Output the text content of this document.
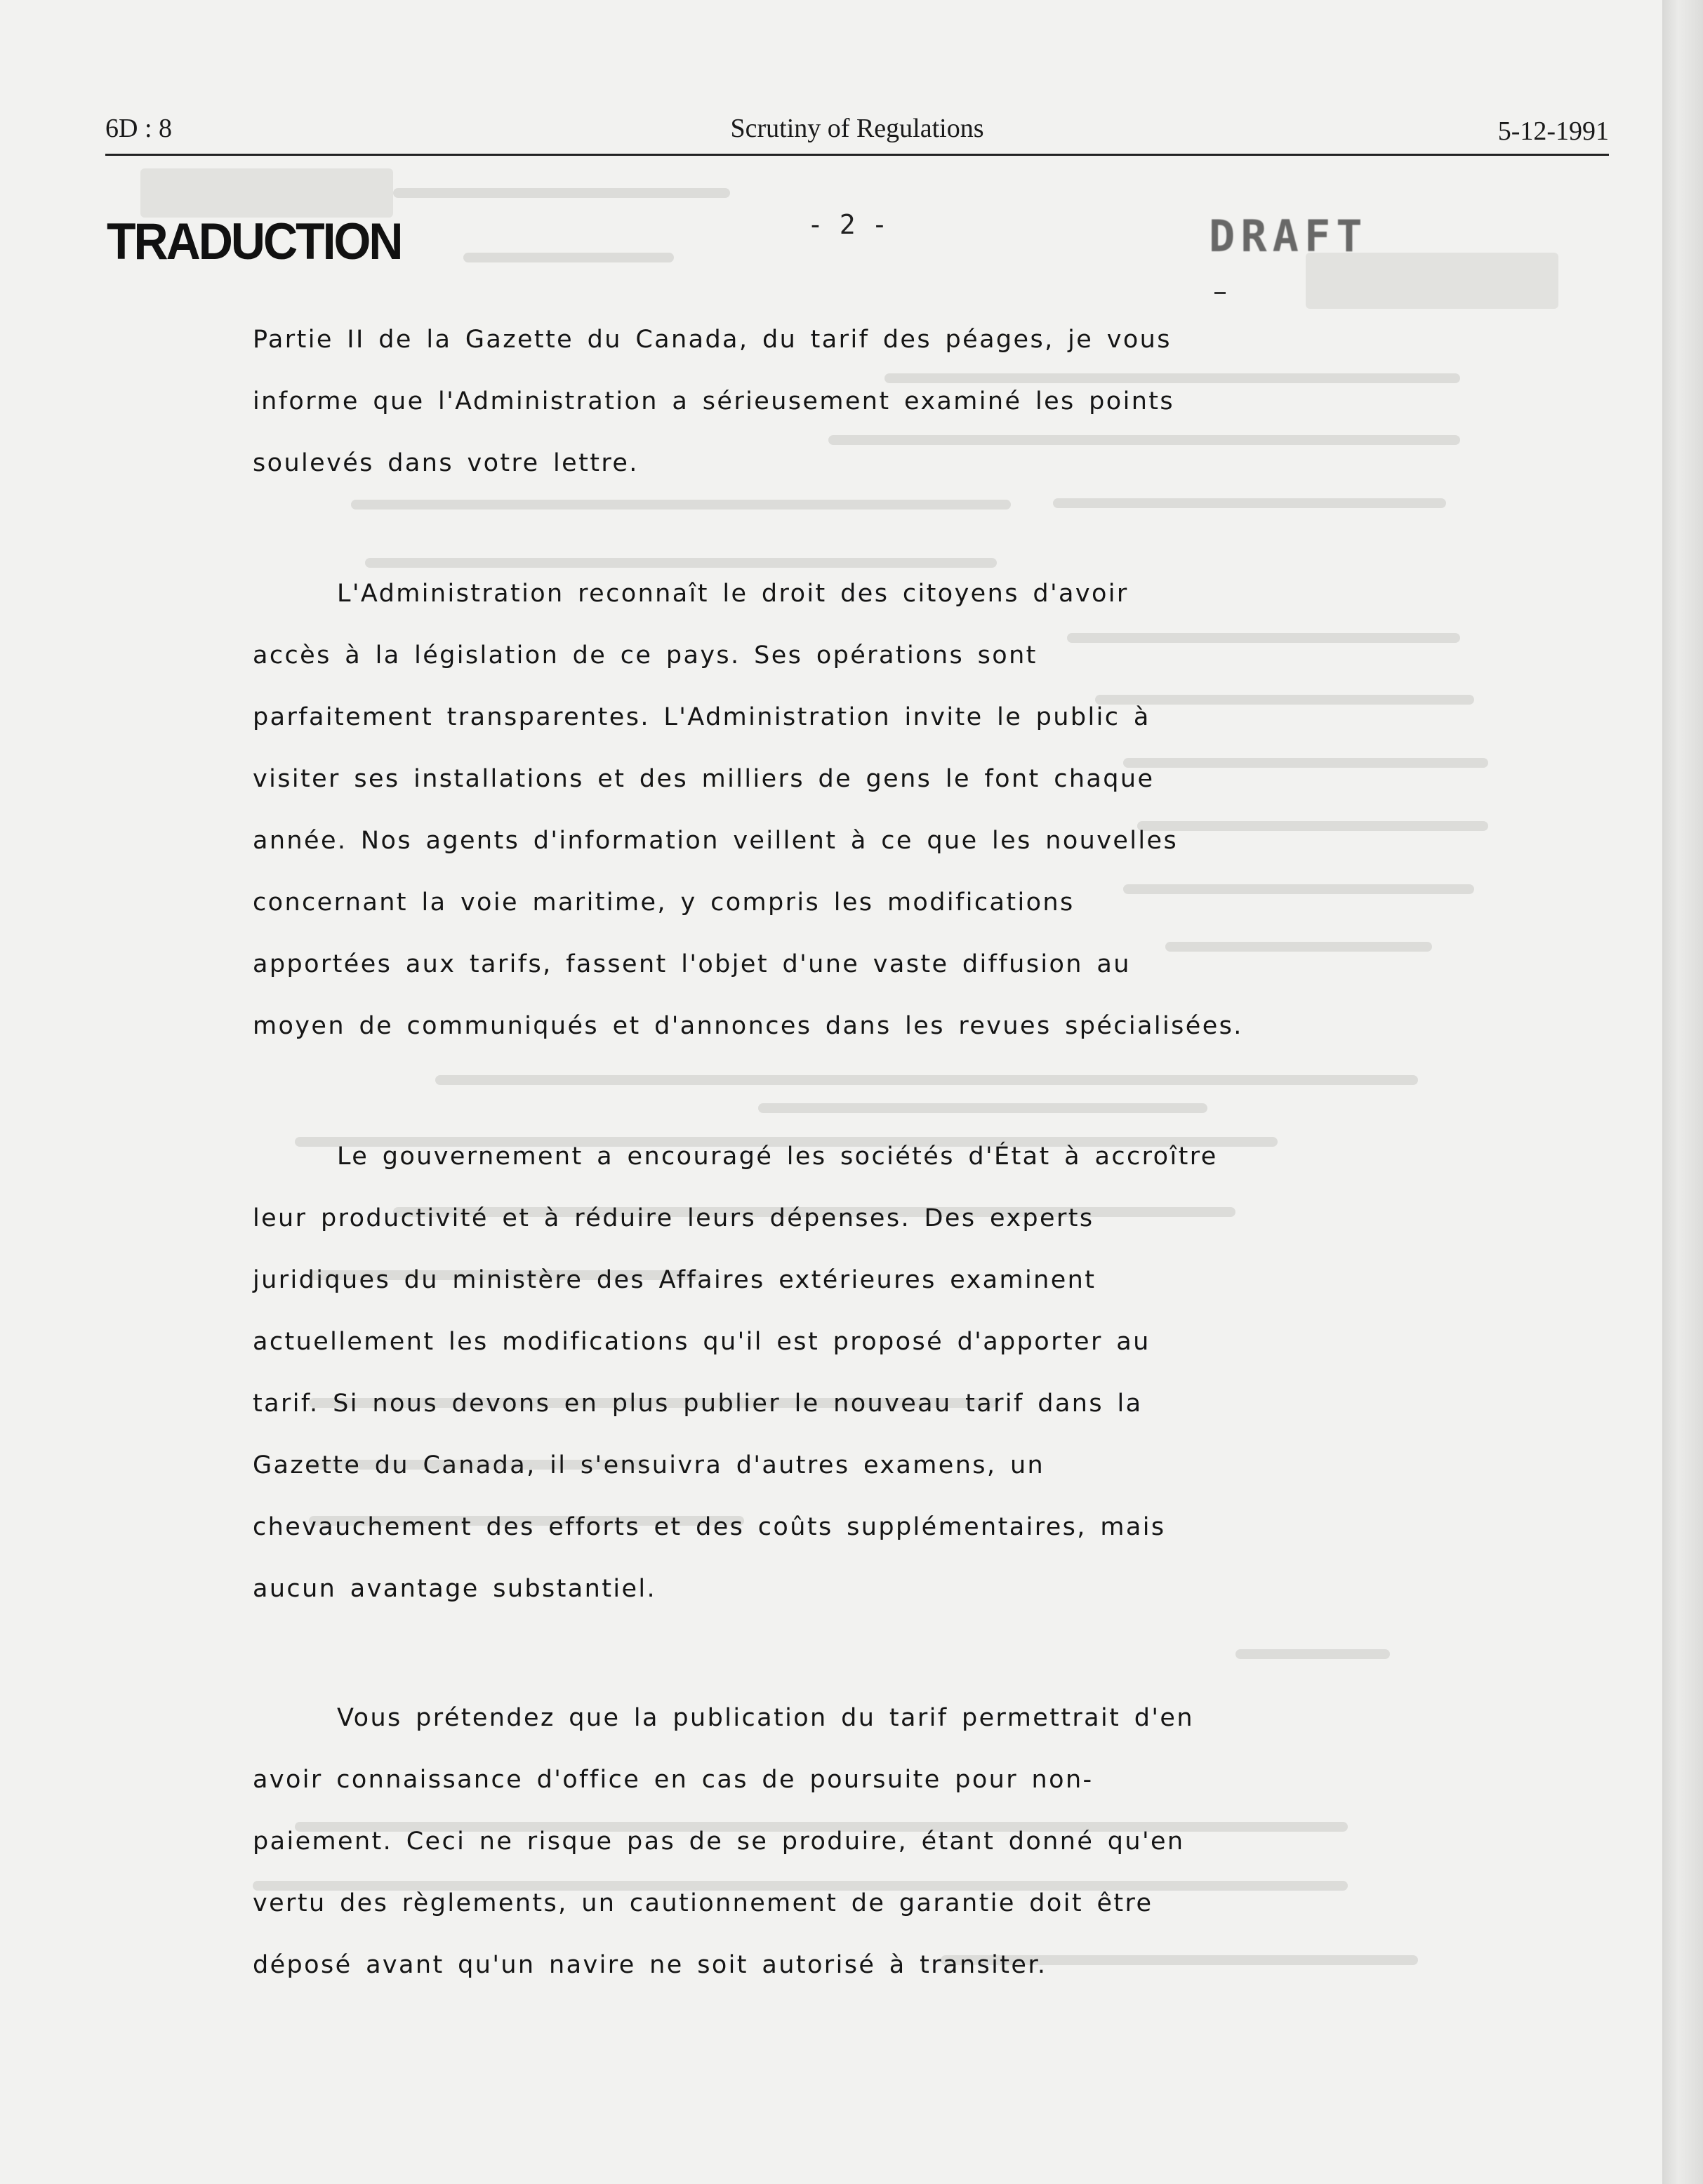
6D : 8	Scrutiny of Regulations	5-12-1991
TRADUCTION	- 2 -	DRAFT
Partie II de la Gazette du Canada, du tarif des péages, je vous
informe que l'Administration a sérieusement examiné les points
soulevés dans votre lettre.
L'Administration reconnaît le droit des citoyens d'avoir
accès à la législation de ce pays. Ses opérations sont
parfaitement transparentes. L'Administration invite le public à
visiter ses installations et des milliers de gens le font chaque
année. Nos agents d'information veillent à ce que les nouvelles
concernant la voie maritime, y compris les modifications
apportées aux tarifs, fassent l'objet d'une vaste diffusion au
moyen de communiqués et d'annonces dans les revues spécialisées.
Le gouvernement a encouragé les sociétés d'État à accroître
leur productivité et à réduire leurs dépenses. Des experts
juridiques du ministère des Affaires extérieures examinent
actuellement les modifications qu'il est proposé d'apporter au
tarif. Si nous devons en plus publier le nouveau tarif dans la
Gazette du Canada, il s'ensuivra d'autres examens, un
chevauchement des efforts et des coûts supplémentaires, mais
aucun avantage substantiel.
Vous prétendez que la publication du tarif permettrait d'en
avoir connaissance d'office en cas de poursuite pour non-
paiement. Ceci ne risque pas de se produire, étant donné qu'en
vertu des règlements, un cautionnement de garantie doit être
déposé avant qu'un navire ne soit autorisé à transiter.
